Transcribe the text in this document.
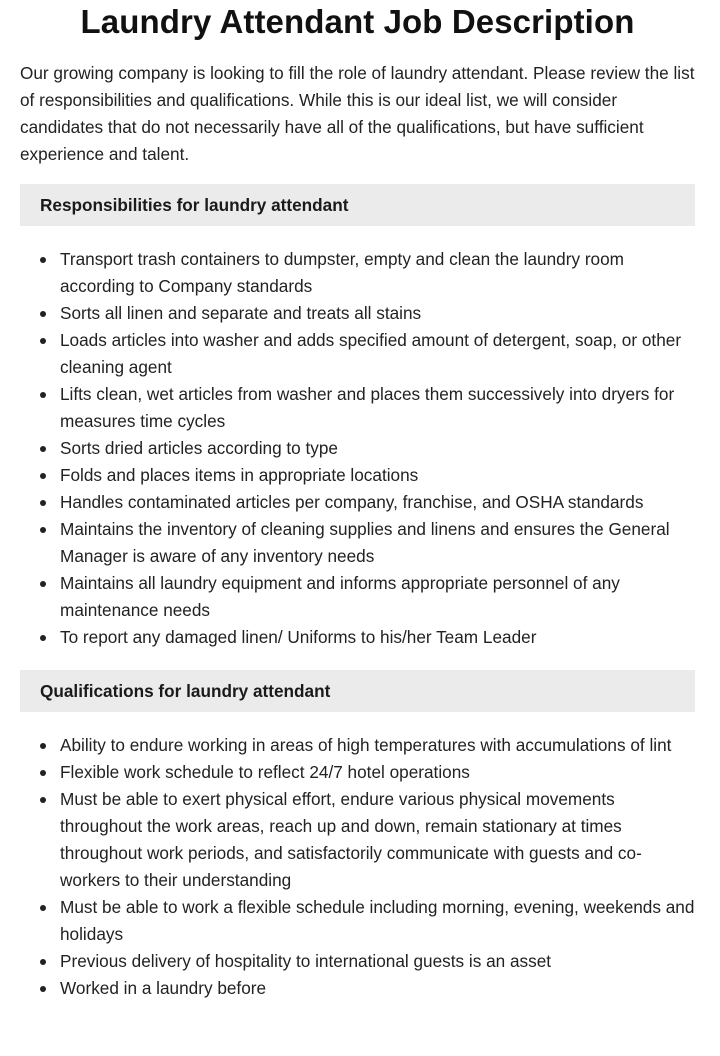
Laundry Attendant Job Description

Our growing company is looking to fill the role of laundry attendant. Please review the list of responsibilities and qualifications. While this is our ideal list, we will consider candidates that do not necessarily have all of the qualifications, but have sufficient experience and talent.

Responsibilities for laundry attendant
Transport trash containers to dumpster, empty and clean the laundry room according to Company standards
Sorts all linen and separate and treats all stains
Loads articles into washer and adds specified amount of detergent, soap, or other cleaning agent
Lifts clean, wet articles from washer and places them successively into dryers for measures time cycles
Sorts dried articles according to type
Folds and places items in appropriate locations
Handles contaminated articles per company, franchise, and OSHA standards
Maintains the inventory of cleaning supplies and linens and ensures the General Manager is aware of any inventory needs
Maintains all laundry equipment and informs appropriate personnel of any maintenance needs
To report any damaged linen/ Uniforms to his/her Team Leader
Qualifications for laundry attendant
Ability to endure working in areas of high temperatures with accumulations of lint
Flexible work schedule to reflect 24/7 hotel operations
Must be able to exert physical effort, endure various physical movements throughout the work areas, reach up and down, remain stationary at times throughout work periods, and satisfactorily communicate with guests and co-workers to their understanding
Must be able to work a flexible schedule including morning, evening, weekends and holidays
Previous delivery of hospitality to international guests is an asset
Worked in a laundry before
